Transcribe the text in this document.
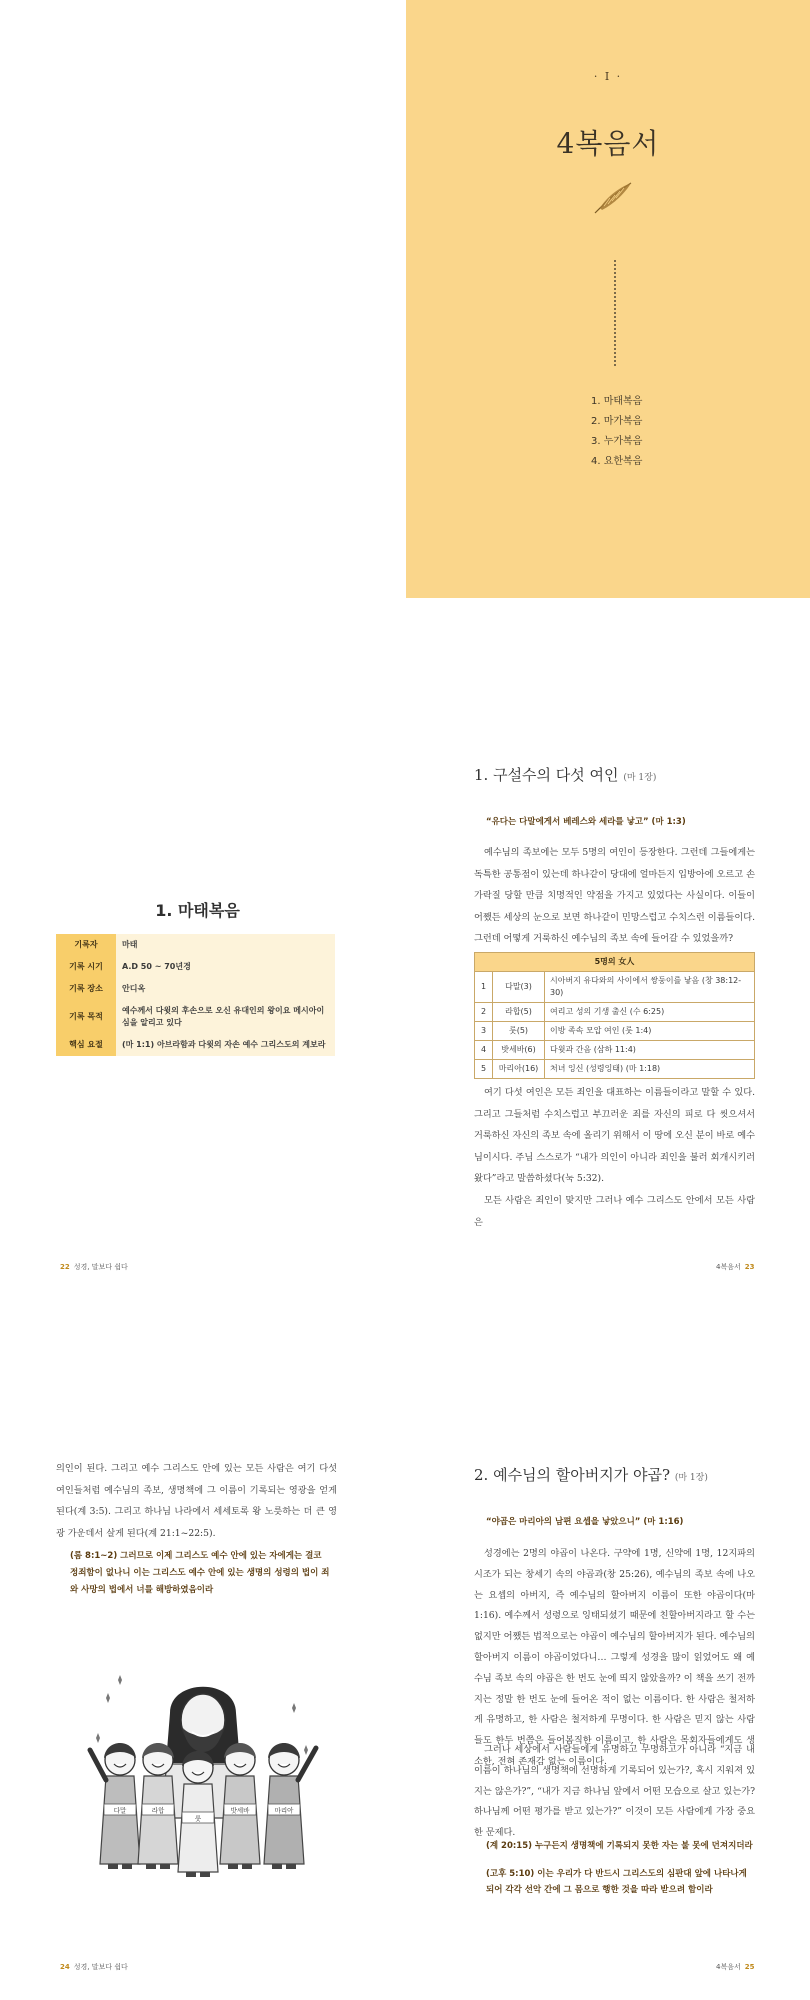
· I ·
4복음서
1. 마태복음
2. 마가복음
3. 누가복음
4. 요한복음
1. 마태복음
기록자	마태
기록 시기	A.D 50 ~ 70년경
기록 장소	안디옥
기록 목적	예수께서 다윗의 후손으로 오신 유대인의 왕이요 메시아이심을 알리고 있다
핵심 요절	(마 1:1) 아브라함과 다윗의 자손 예수 그리스도의 계보라
22 성경, 말보다 쉽다
1. 구설수의 다섯 여인 (마 1장)
“유다는 다말에게서 베레스와 세라를 낳고” (마 1:3)
예수님의 족보에는 모두 5명의 여인이 등장한다. 그런데 그들에게는 독특한 공통점이 있는데 하나같이 당대에 얼마든지 입방아에 오르고 손가락질 당할 만큼 치명적인 약점을 가지고 있었다는 사실이다. 이들이 어쨌든 세상의 눈으로 보면 하나같이 민망스럽고 수치스런 이름들이다. 그런데 어떻게 거룩하신 예수님의 족보 속에 들어갈 수 있었을까?
5명의 女人		
1	다말(3)	시아버지 유다와의 사이에서 쌍둥이를 낳음 (창 38:12-30)
2	라합(5)	여리고 성의 기생 출신 (수 6:25)
3	룻(5)	이방 족속 모압 여인 (룻 1:4)
4	밧세바(6)	다윗과 간음 (삼하 11:4)
5	마리아(16)	처녀 잉신 (성령잉태) (마 1:18)
여기 다섯 여인은 모든 죄인을 대표하는 이름들이라고 말할 수 있다. 그리고 그들처럼 수치스럽고 부끄러운 죄를 자신의 피로 다 씻으셔서 거룩하신 자신의 족보 속에 올리기 위해서 이 땅에 오신 분이 바로 예수님이시다. 주님 스스로가 “내가 의인이 아니라 죄인을 불러 회개시키러 왔다”라고 말씀하셨다(눅 5:32).
모든 사람은 죄인이 맞지만 그러나 예수 그리스도 안에서 모든 사람은
4복음서 23
의인이 된다. 그리고 예수 그리스도 안에 있는 모든 사람은 여기 다섯 여인들처럼 예수님의 족보, 생명책에 그 이름이 기록되는 영광을 얻게 된다(계 3:5). 그리고 하나님 나라에서 세세토록 왕 노릇하는 더 큰 영광 가운데서 살게 된다(계 21:1~22:5).
(롬 8:1~2) 그러므로 이제 그리스도 예수 안에 있는 자에게는 결코 정죄함이 없나니 이는 그리스도 예수 안에 있는 생명의 성령의 법이 죄와 사망의 법에서 너를 해방하였음이라
다말	라합
룻
밧세바	마리아
24 성경, 말보다 쉽다
2. 예수님의 할아버지가 야곱? (마 1장)
“야곱은 마리아의 남편 요셉을 낳았으니” (마 1:16)
성경에는 2명의 야곱이 나온다. 구약에 1명, 신약에 1명, 12지파의 시조가 되는 창세기 속의 야곱과(창 25:26), 예수님의 족보 속에 나오는 요셉의 아버지, 즉 예수님의 할아버지 이름이 또한 야곱이다(마 1:16). 예수께서 성령으로 잉태되셨기 때문에 친할아버지라고 할 수는 없지만 어쨌든 법적으로는 야곱이 예수님의 할아버지가 된다. 예수님의 할아버지 이름이 야곱이었다니… 그렇게 성경을 많이 읽었어도 왜 예수님 족보 속의 야곱은 한 번도 눈에 띄지 않았을까? 이 책을 쓰기 전까지는 정말 한 번도 눈에 들어온 적이 없는 이름이다. 한 사람은 철저하게 유명하고, 한 사람은 철저하게 무명이다. 한 사람은 믿지 않는 사람들도 한두 번쯤은 들어봄직한 이름이고, 한 사람은 목회자들에게도 생소한, 전혀 존재감 없는 이름이다.
그러나 세상에서 사람들에게 유명하고 무명하고가 아니라 “지금 내 이름이 하나님의 생명책에 선명하게 기록되어 있는가?, 혹시 지워져 있지는 않은가?”, “내가 지금 하나님 앞에서 어떤 모습으로 살고 있는가? 하나님께 어떤 평가를 받고 있는가?” 이것이 모든 사람에게 가장 중요한 문제다.
(계 20:15) 누구든지 생명책에 기록되지 못한 자는 불 못에 던져지더라
(고후 5:10) 이는 우리가 다 반드시 그리스도의 심판대 앞에 나타나게 되어 각각 선악 간에 그 몸으로 행한 것을 따라 받으려 함이라
4복음서 25
